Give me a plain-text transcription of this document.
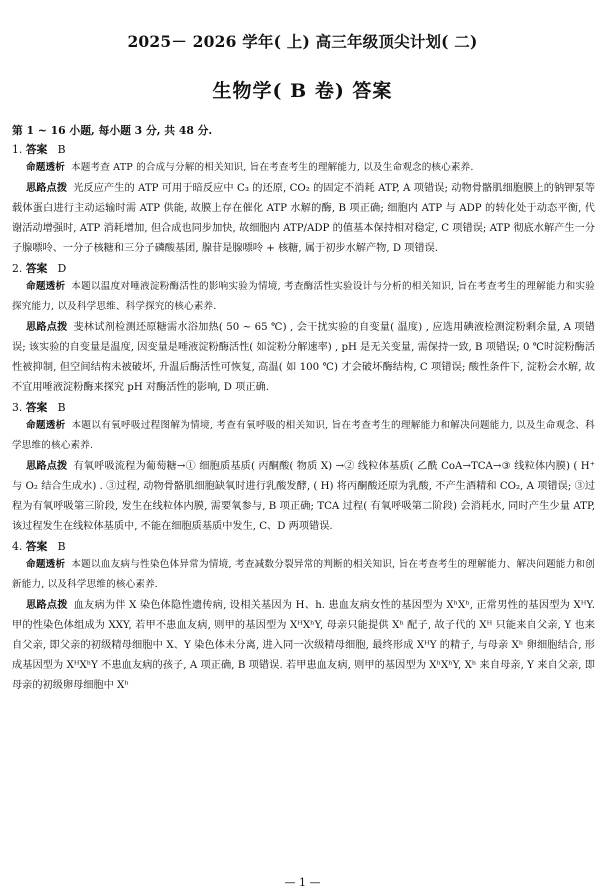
2025－ 2026 学年( 上) 高三年级顶尖计划( 二)
生物学( B 卷) 答案
第 1 ~ 16 小题, 每小题 3 分, 共 48 分.
1. 答案 B

命题透析 本题考查 ATP 的合成与分解的相关知识, 旨在考查考生的理解能力, 以及生命观念的核心素养.

思路点拨 光反应产生的 ATP 可用于暗反应中 C₃ 的还原, CO₂ 的固定不消耗 ATP, A 项错误; 动物骨骼肌细胞膜上的钠钾泵等载体蛋白进行主动运输时需 ATP 供能, 故膜上存在催化 ATP 水解的酶, B 项正确; 细胞内 ATP 与 ADP 的转化处于动态平衡, 代谢活动增强时, ATP 消耗增加, 但合成也同步加快, 故细胞内 ATP/ADP 的值基本保持相对稳定, C 项错误; ATP 彻底水解产生一分子腺嘌呤、一分子核糖和三分子磷酸基团, 腺苷是腺嘌呤 + 核糖, 属于初步水解产物, D 项错误.

2. 答案 D

命题透析 本题以温度对唾液淀粉酶活性的影响实验为情境, 考查酶活性实验设计与分析的相关知识, 旨在考查考生的理解能力和实验探究能力, 以及科学思维、科学探究的核心素养.

思路点拨 斐林试剂检测还原糖需水浴加热( 50 ~ 65 ℃) , 会干扰实验的自变量( 温度) , 应选用碘液检测淀粉剩余量, A 项错误; 该实验的自变量是温度, 因变量是唾液淀粉酶活性( 如淀粉分解速率) , pH 是无关变量, 需保持一致, B 项错误; 0 ℃时淀粉酶活性被抑制, 但空间结构未被破坏, 升温后酶活性可恢复, 高温( 如 100 ℃) 才会破坏酶结构, C 项错误; 酸性条件下, 淀粉会水解, 故不宜用唾液淀粉酶来探究 pH 对酶活性的影响, D 项正确.

3. 答案 B

命题透析 本题以有氧呼吸过程图解为情境, 考查有氧呼吸的相关知识, 旨在考查考生的理解能力和解决问题能力, 以及生命观念、科学思维的核心素养.

思路点拨 有氧呼吸流程为葡萄糖→① 细胞质基质( 丙酮酸( 物质 X) →② 线粒体基质( 乙酰 CoA→TCA→③ 线粒体内膜) ( H⁺ 与 O₂ 结合生成水) . ③过程, 动物骨骼肌细胞缺氧时进行乳酸发酵, ( H) 将丙酮酸还原为乳酸, 不产生酒精和 CO₂, A 项错误; ③过程为有氧呼吸第三阶段, 发生在线粒体内膜, 需要氧参与, B 项正确; TCA 过程( 有氧呼吸第二阶段) 会消耗水, 同时产生少量 ATP, 该过程发生在线粒体基质中, 不能在细胞质基质中发生, C、D 两项错误.

4. 答案 B

命题透析 本题以血友病与性染色体异常为情境, 考查减数分裂异常的判断的相关知识, 旨在考查考生的理解能力、解决问题能力和创新能力, 以及科学思维的核心素养.

思路点拨 血友病为伴 X 染色体隐性遗传病, 设相关基因为 H、h. 患血友病女性的基因型为 XʰXʰ, 正常男性的基因型为 XᴴY. 甲的性染色体组成为 XXY, 若甲不患血友病, 则甲的基因型为 XᴴXʰY, 母亲只能提供 Xʰ 配子, 故子代的 Xᴴ 只能来自父亲, Y 也来自父亲, 即父亲的初级精母细胞中 X、Y 染色体未分离, 进入同一次级精母细胞, 最终形成 XᴴY 的精子, 与母亲 Xʰ 卵细胞结合, 形成基因型为 XᴴXʰY 不患血友病的孩子, A 项正确, B 项错误. 若甲患血友病, 则甲的基因型为 XʰXʰY, Xʰ 来自母亲, Y 来自父亲, 即母亲的初级卵母细胞中 Xʰ

— 1 —
